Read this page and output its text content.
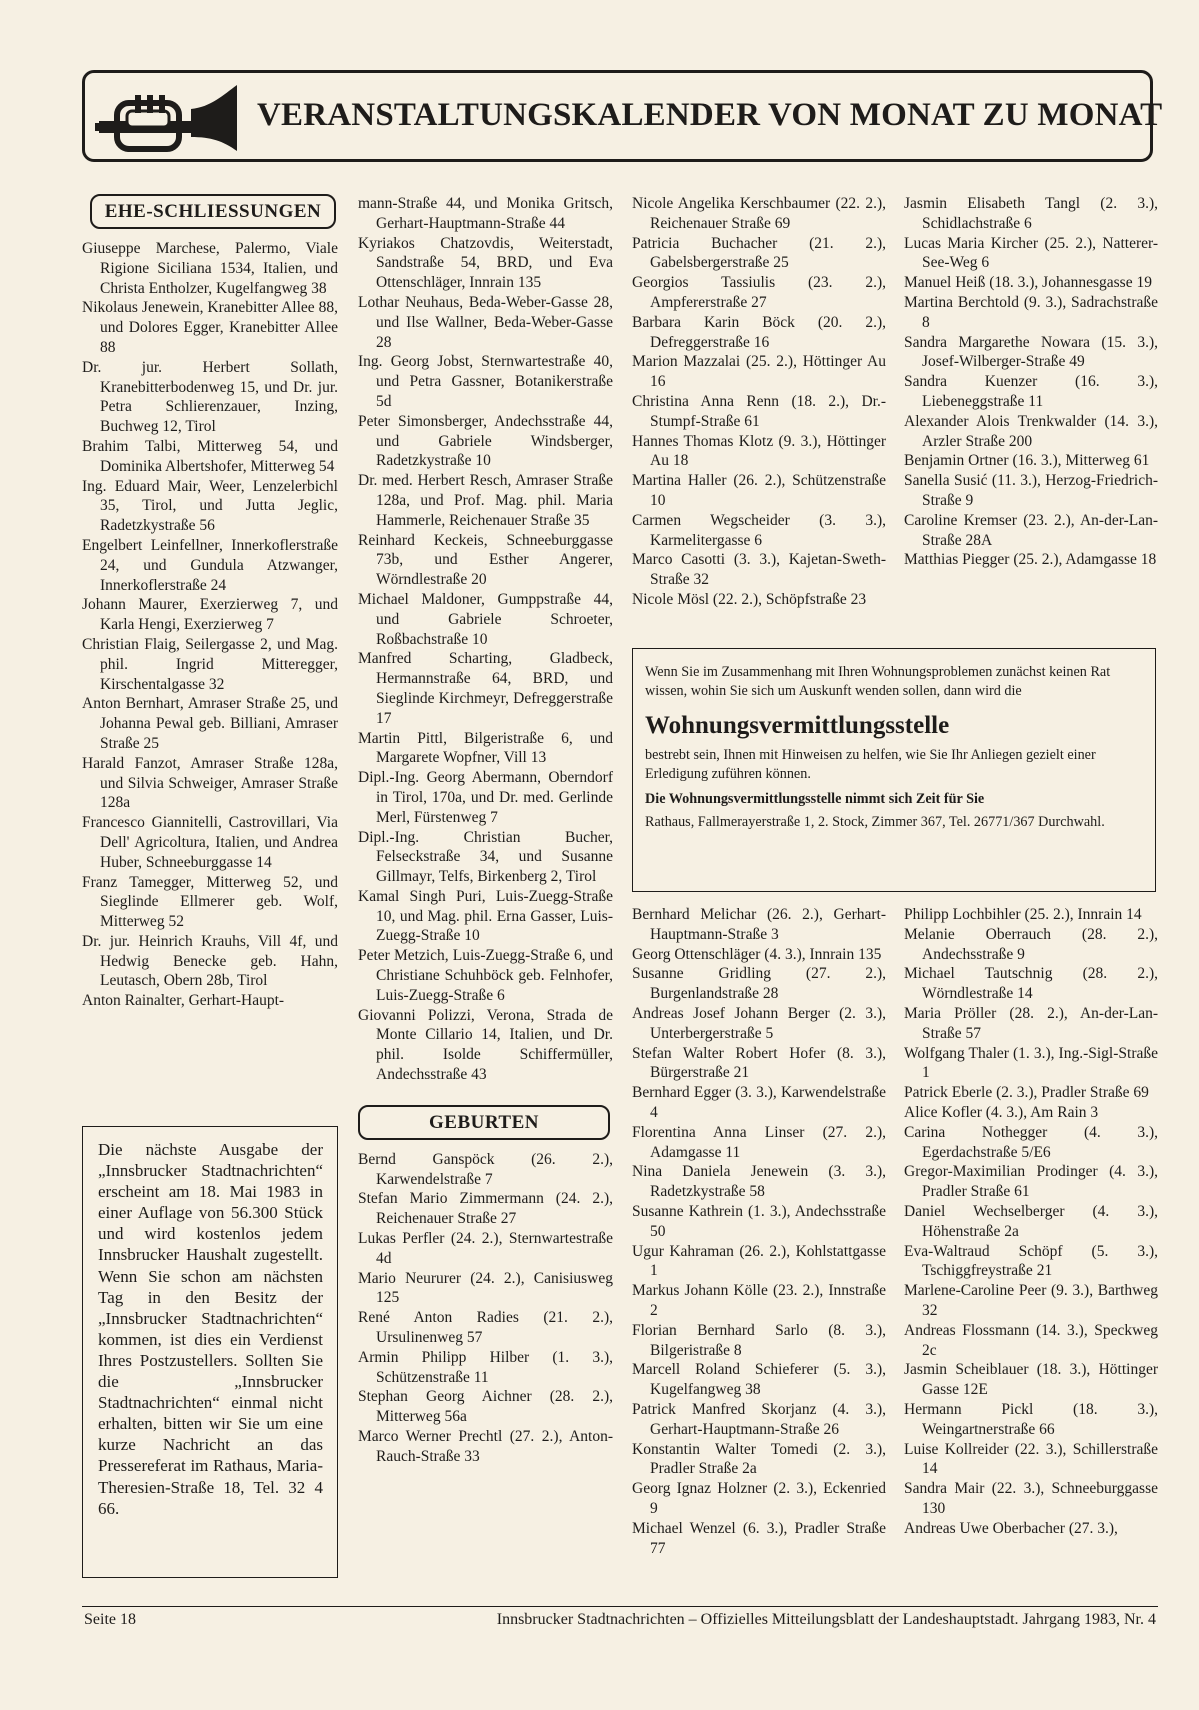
VERANSTALTUNGSKALENDER VON MONAT ZU MONAT
EHE-SCHLIESSUNGEN

Giuseppe Marchese, Palermo, Viale Rigione Siciliana 1534, Italien, und Christa Entholzer, Kugelfangweg 38

Nikolaus Jenewein, Kranebitter Allee 88, und Dolores Egger, Kranebitter Allee 88

Dr. jur. Herbert Sollath, Kranebitterbodenweg 15, und Dr. jur. Petra Schlierenzauer, Inzing, Buchweg 12, Tirol

Brahim Talbi, Mitterweg 54, und Dominika Albertshofer, Mitterweg 54

Ing. Eduard Mair, Weer, Lenzelerbichl 35, Tirol, und Jutta Jeglic, Radetzkystraße 56

Engelbert Leinfellner, Innerkoflerstraße 24, und Gundula Atzwanger, Innerkoflerstraße 24

Johann Maurer, Exerzierweg 7, und Karla Hengi, Exerzierweg 7

Christian Flaig, Seilergasse 2, und Mag. phil. Ingrid Mitteregger, Kirschentalgasse 32

Anton Bernhart, Amraser Straße 25, und Johanna Pewal geb. Billiani, Amraser Straße 25

Harald Fanzot, Amraser Straße 128a, und Silvia Schweiger, Amraser Straße 128a

Francesco Giannitelli, Castrovillari, Via Dell' Agricoltura, Italien, und Andrea Huber, Schneeburggasse 14

Franz Tamegger, Mitterweg 52, und Sieglinde Ellmerer geb. Wolf, Mitterweg 52

Dr. jur. Heinrich Krauhs, Vill 4f, und Hedwig Benecke geb. Hahn, Leutasch, Obern 28b, Tirol

Anton Rainalter, Gerhart-Haupt-

Die nächste Ausgabe der „Innsbrucker Stadtnachrichten“ erscheint am 18. Mai 1983 in einer Auflage von 56.300 Stück und wird kostenlos jedem Innsbrucker Haushalt zugestellt. Wenn Sie schon am nächsten Tag in den Besitz der „Innsbrucker Stadtnachrichten“ kommen, ist dies ein Verdienst Ihres Postzustellers. Sollten Sie die „Innsbrucker Stadtnachrichten“ einmal nicht erhalten, bitten wir Sie um eine kurze Nachricht an das Pressereferat im Rathaus, Maria-Theresien-Straße 18, Tel. 32 4 66.

mann-Straße 44, und Monika Gritsch, Gerhart-Hauptmann-Straße 44

Kyriakos Chatzovdis, Weiterstadt, Sandstraße 54, BRD, und Eva Ottenschläger, Innrain 135

Lothar Neuhaus, Beda-Weber-Gasse 28, und Ilse Wallner, Beda-Weber-Gasse 28

Ing. Georg Jobst, Sternwartestraße 40, und Petra Gassner, Botanikerstraße 5d

Peter Simonsberger, Andechsstraße 44, und Gabriele Windsberger, Radetzkystraße 10

Dr. med. Herbert Resch, Amraser Straße 128a, und Prof. Mag. phil. Maria Hammerle, Reichenauer Straße 35

Reinhard Keckeis, Schneeburggasse 73b, und Esther Angerer, Wörndlestraße 20

Michael Maldoner, Gumppstraße 44, und Gabriele Schroeter, Roßbachstraße 10

Manfred Scharting, Gladbeck, Hermannstraße 64, BRD, und Sieglinde Kirchmeyr, Defreggerstraße 17

Martin Pittl, Bilgeristraße 6, und Margarete Wopfner, Vill 13

Dipl.-Ing. Georg Abermann, Oberndorf in Tirol, 170a, und Dr. med. Gerlinde Merl, Fürstenweg 7

Dipl.-Ing. Christian Bucher, Felseckstraße 34, und Susanne Gillmayr, Telfs, Birkenberg 2, Tirol

Kamal Singh Puri, Luis-Zuegg-Straße 10, und Mag. phil. Erna Gasser, Luis-Zuegg-Straße 10

Peter Metzich, Luis-Zuegg-Straße 6, und Christiane Schuhböck geb. Felnhofer, Luis-Zuegg-Straße 6

Giovanni Polizzi, Verona, Strada de Monte Cillario 14, Italien, und Dr. phil. Isolde Schiffermüller, Andechsstraße 43

GEBURTEN

Bernd Ganspöck (26. 2.), Karwendelstraße 7

Stefan Mario Zimmermann (24. 2.), Reichenauer Straße 27

Lukas Perfler (24. 2.), Sternwartestraße 4d

Mario Neururer (24. 2.), Canisiusweg 125

René Anton Radies (21. 2.), Ursulinenweg 57

Armin Philipp Hilber (1. 3.), Schützenstraße 11

Stephan Georg Aichner (28. 2.), Mitterweg 56a

Marco Werner Prechtl (27. 2.), Anton-Rauch-Straße 33

Nicole Angelika Kerschbaumer (22. 2.), Reichenauer Straße 69

Patricia Buchacher (21. 2.), Gabelsbergerstraße 25

Georgios Tassiulis (23. 2.), Ampfererstraße 27

Barbara Karin Böck (20. 2.), Defreggerstraße 16

Marion Mazzalai (25. 2.), Höttinger Au 16

Christina Anna Renn (18. 2.), Dr.-Stumpf-Straße 61

Hannes Thomas Klotz (9. 3.), Höttinger Au 18

Martina Haller (26. 2.), Schützenstraße 10

Carmen Wegscheider (3. 3.), Karmelitergasse 6

Marco Casotti (3. 3.), Kajetan-Sweth-Straße 32

Nicole Mösl (22. 2.), Schöpfstraße 23

Jasmin Elisabeth Tangl (2. 3.), Schidlachstraße 6

Lucas Maria Kircher (25. 2.), Natterer-See-Weg 6

Manuel Heiß (18. 3.), Johannesgasse 19

Martina Berchtold (9. 3.), Sadrachstraße 8

Sandra Margarethe Nowara (15. 3.), Josef-Wilberger-Straße 49

Sandra Kuenzer (16. 3.), Liebeneggstraße 11

Alexander Alois Trenkwalder (14. 3.), Arzler Straße 200

Benjamin Ortner (16. 3.), Mitterweg 61

Sanella Susić (11. 3.), Herzog-Friedrich-Straße 9

Caroline Kremser (23. 2.), An-der-Lan-Straße 28A

Matthias Piegger (25. 2.), Adamgasse 18

Wenn Sie im Zusammenhang mit Ihren Wohnungsproblemen zunächst keinen Rat wissen, wohin Sie sich um Auskunft wenden sollen, dann wird die

Wohnungsvermittlungsstelle

bestrebt sein, Ihnen mit Hinweisen zu helfen, wie Sie Ihr Anliegen gezielt einer Erledigung zuführen können.

Die Wohnungsvermittlungsstelle nimmt sich Zeit für Sie

Rathaus, Fallmerayerstraße 1, 2. Stock, Zimmer 367, Tel. 26771/367 Durchwahl.

Bernhard Melichar (26. 2.), Gerhart-Hauptmann-Straße 3

Georg Ottenschläger (4. 3.), Innrain 135

Susanne Gridling (27. 2.), Burgenlandstraße 28

Andreas Josef Johann Berger (2. 3.), Unterbergerstraße 5

Stefan Walter Robert Hofer (8. 3.), Bürgerstraße 21

Bernhard Egger (3. 3.), Karwendelstraße 4

Florentina Anna Linser (27. 2.), Adamgasse 11

Nina Daniela Jenewein (3. 3.), Radetzkystraße 58

Susanne Kathrein (1. 3.), Andechsstraße 50

Ugur Kahraman (26. 2.), Kohlstattgasse 1

Markus Johann Kölle (23. 2.), Innstraße 2

Florian Bernhard Sarlo (8. 3.), Bilgeristraße 8

Marcell Roland Schieferer (5. 3.), Kugelfangweg 38

Patrick Manfred Skorjanz (4. 3.), Gerhart-Hauptmann-Straße 26

Konstantin Walter Tomedi (2. 3.), Pradler Straße 2a

Georg Ignaz Holzner (2. 3.), Eckenried 9

Michael Wenzel (6. 3.), Pradler Straße 77

Philipp Lochbihler (25. 2.), Innrain 14

Melanie Oberrauch (28. 2.), Andechsstraße 9

Michael Tautschnig (28. 2.), Wörndlestraße 14

Maria Pröller (28. 2.), An-der-Lan-Straße 57

Wolfgang Thaler (1. 3.), Ing.-Sigl-Straße 1

Patrick Eberle (2. 3.), Pradler Straße 69

Alice Kofler (4. 3.), Am Rain 3

Carina Nothegger (4. 3.), Egerdachstraße 5/E6

Gregor-Maximilian Prodinger (4. 3.), Pradler Straße 61

Daniel Wechselberger (4. 3.), Höhenstraße 2a

Eva-Waltraud Schöpf (5. 3.), Tschiggfreystraße 21

Marlene-Caroline Peer (9. 3.), Barthweg 32

Andreas Flossmann (14. 3.), Speckweg 2c

Jasmin Scheiblauer (18. 3.), Höttinger Gasse 12E

Hermann Pickl (18. 3.), Weingartnerstraße 66

Luise Kollreider (22. 3.), Schillerstraße 14

Sandra Mair (22. 3.), Schneeburggasse 130

Andreas Uwe Oberbacher (27. 3.),

Seite 18	Innsbrucker Stadtnachrichten – Offizielles Mitteilungsblatt der Landeshauptstadt. Jahrgang 1983, Nr. 4
